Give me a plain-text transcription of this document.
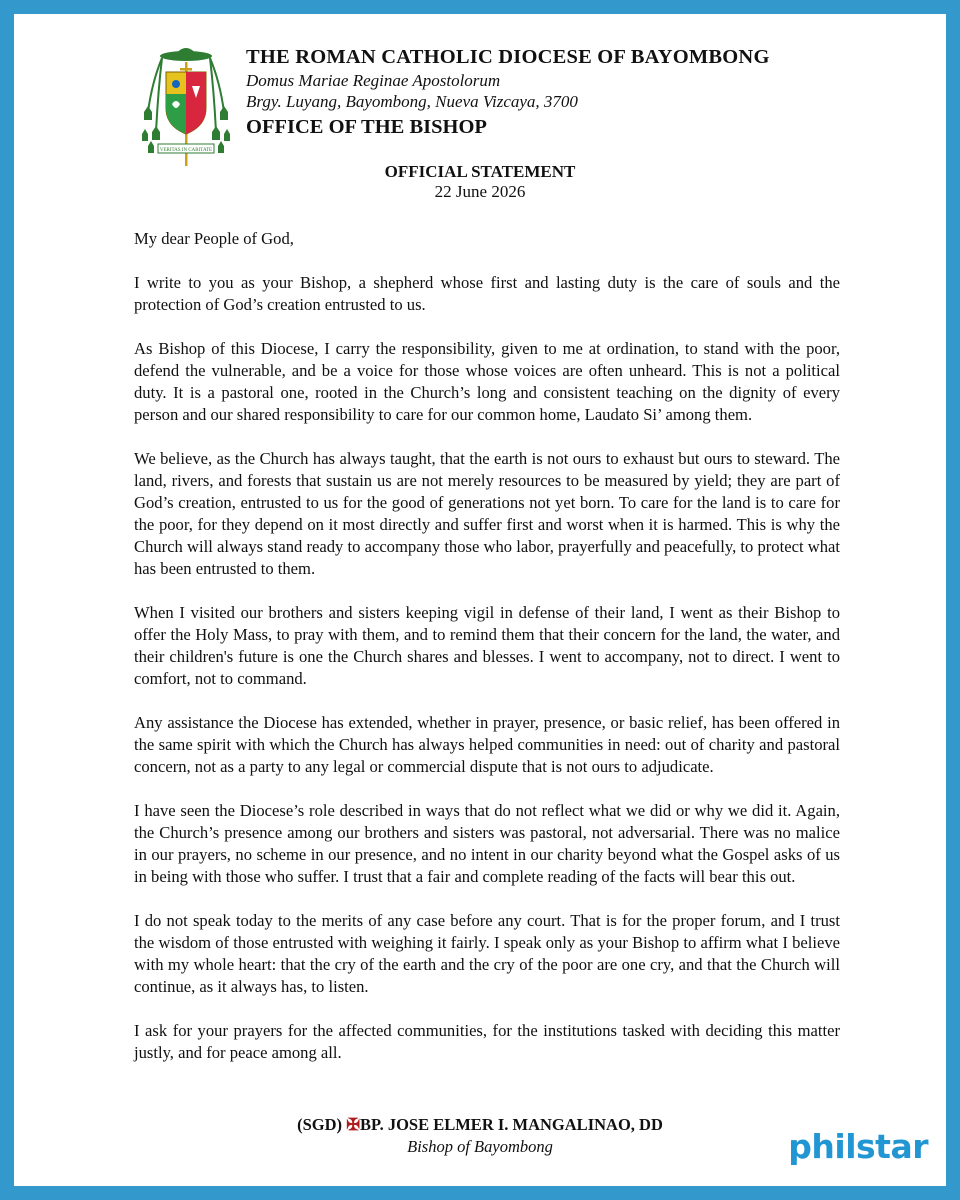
VERITAS IN CARITATE

THE ROMAN CATHOLIC DIOCESE OF BAYOMBONG

Domus Mariae Reginae Apostolorum

Brgy. Luyang, Bayombong, Nueva Vizcaya, 3700

OFFICE OF THE BISHOP

OFFICIAL STATEMENT
22 June 2026

My dear People of God,

I write to you as your Bishop, a shepherd whose first and lasting duty is the care of souls and the protection of God’s creation entrusted to us.

As Bishop of this Diocese, I carry the responsibility, given to me at ordination, to stand with the poor, defend the vulnerable, and be a voice for those whose voices are often unheard. This is not a political duty. It is a pastoral one, rooted in the Church’s long and consistent teaching on the dignity of every person and our shared responsibility to care for our common home, Laudato Si’ among them.

We believe, as the Church has always taught, that the earth is not ours to exhaust but ours to steward. The land, rivers, and forests that sustain us are not merely resources to be measured by yield; they are part of God’s creation, entrusted to us for the good of generations not yet born. To care for the land is to care for the poor, for they depend on it most directly and suffer first and worst when it is harmed. This is why the Church will always stand ready to accompany those who labor, prayerfully and peacefully, to protect what has been entrusted to them.

When I visited our brothers and sisters keeping vigil in defense of their land, I went as their Bishop to offer the Holy Mass, to pray with them, and to remind them that their concern for the land, the water, and their children's future is one the Church shares and blesses. I went to accompany, not to direct. I went to comfort, not to command.

Any assistance the Diocese has extended, whether in prayer, presence, or basic relief, has been offered in the same spirit with which the Church has always helped communities in need: out of charity and pastoral concern, not as a party to any legal or commercial dispute that is not ours to adjudicate.

I have seen the Diocese’s role described in ways that do not reflect what we did or why we did it. Again, the Church’s presence among our brothers and sisters was pastoral, not adversarial. There was no malice in our prayers, no scheme in our presence, and no intent in our charity beyond what the Gospel asks of us in being with those who suffer. I trust that a fair and complete reading of the facts will bear this out.

I do not speak today to the merits of any case before any court. That is for the proper forum, and I trust the wisdom of those entrusted with weighing it fairly. I speak only as your Bishop to affirm what I believe with my whole heart: that the cry of the earth and the cry of the poor are one cry, and that the Church will continue, as it always has, to listen.

I ask for your prayers for the affected communities, for the institutions tasked with deciding this matter justly, and for peace among all.

(SGD) ✠BP. JOSE ELMER I. MANGALINAO, DD
Bishop of Bayombong	philstar
